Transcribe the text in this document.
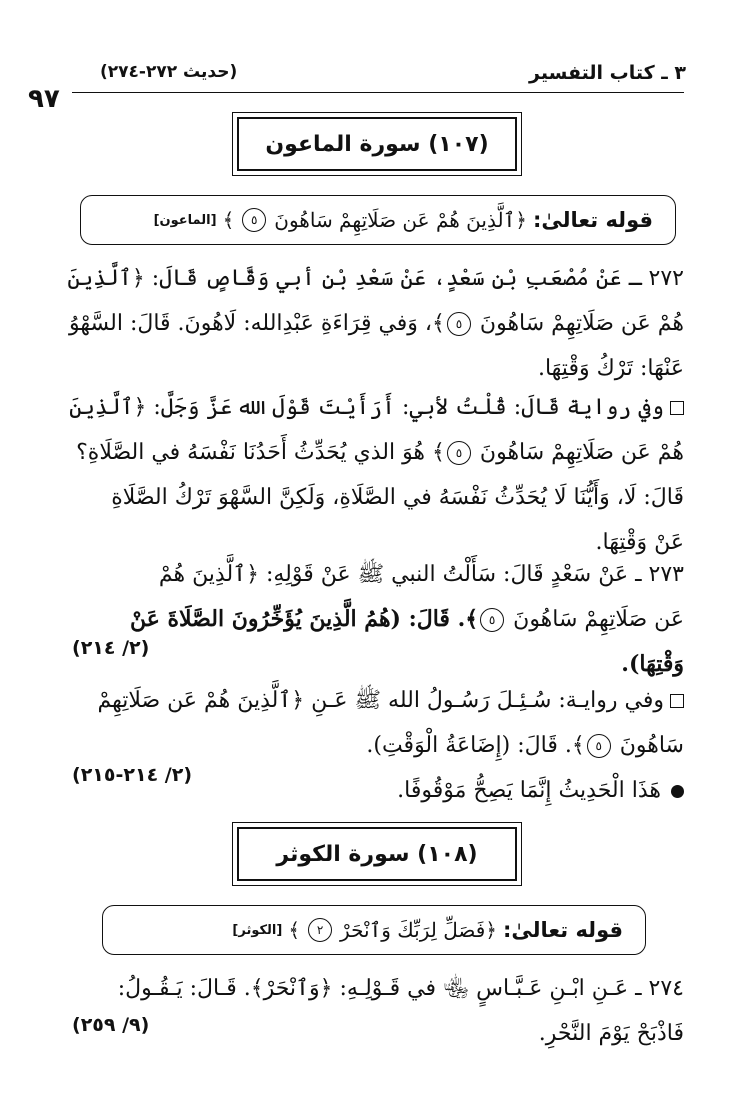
٣ ـ كتاب التفسير
(حديث ٢٧٢-٢٧٤)
٩٧
(١٠٧) سورة الماعون
قوله تعالىٰ:
﴿ٱلَّذِينَ هُمْ عَن صَلَاتِهِمْ سَاهُونَ
٥
﴾
[الماعون]
٢٧٢ ـ عَنْ مُصْعَبِ بْنِ سَعْدٍ، عَنْ سَعْدِ بْنِ أبي وَقَّاصٍ قَالَ: ﴿ٱلَّذِينَ
هُمْ عَن صَلَاتِهِمْ سَاهُونَ ٥﴾، وَفي قِرَاءَةِ عَبْدِالله: لَاهُونَ. قَالَ: السَّهْوُ
عَنْهَا: تَرْكُ وَقْتِهَا.
وفي رواية قَالَ: قُلْتُ لأبي: أَرَأَيْتَ قَوْلَ الله عَزَّ وَجَلَّ: ﴿ٱلَّذِينَ
هُمْ عَن صَلَاتِهِمْ سَاهُونَ ٥﴾ هُوَ الذي يُحَدِّثُ أَحَدُنَا نَفْسَهُ في الصَّلَاةِ؟
قَالَ: لَا، وَأَيُّنَا لَا يُحَدِّثُ نَفْسَهُ في الصَّلَاةِ، وَلَكِنَّ السَّهْوَ تَرْكُ الصَّلَاةِ
عَنْ وَقْتِهَا.
٢٧٣ ـ عَنْ سَعْدٍ قَالَ: سَأَلْتُ النبي ﷺ عَنْ قَوْلِهِ: ﴿ٱلَّذِينَ هُمْ
عَن صَلَاتِهِمْ سَاهُونَ ٥﴾. قَالَ: (هُمُ الَّذِينَ يُؤَخِّرُونَ الصَّلَاةَ عَنْ
وَقْتِهَا).
(٢/ ٢١٤)
وفي روايـة: سُـئِـلَ رَسُـولُ الله ﷺ عَـنِ ﴿ٱلَّذِينَ هُمْ عَن صَلَاتِهِمْ
سَاهُونَ ٥﴾. قَالَ: (إِضَاعَةُ الْوَقْتِ).
هَذَا الْحَدِيثُ إِنَّمَا يَصِحُّ مَوْقُوفًا.
(٢/ ٢١٤-٢١٥)
(١٠٨) سورة الكوثر
قوله تعالىٰ:
﴿فَصَلِّ لِرَبِّكَ وَٱنْحَرْ
٢
﴾
[الكوثر]
٢٧٤ ـ عَـنِ ابْـنِ عَـبَّـاسٍ ﵄ في قَـوْلِـهِ: ﴿وَٱنْحَرْ﴾. قَـالَ: يَـقُـولُ:
فَاذْبَحْ يَوْمَ النَّحْرِ.
(٩/ ٢٥٩)
